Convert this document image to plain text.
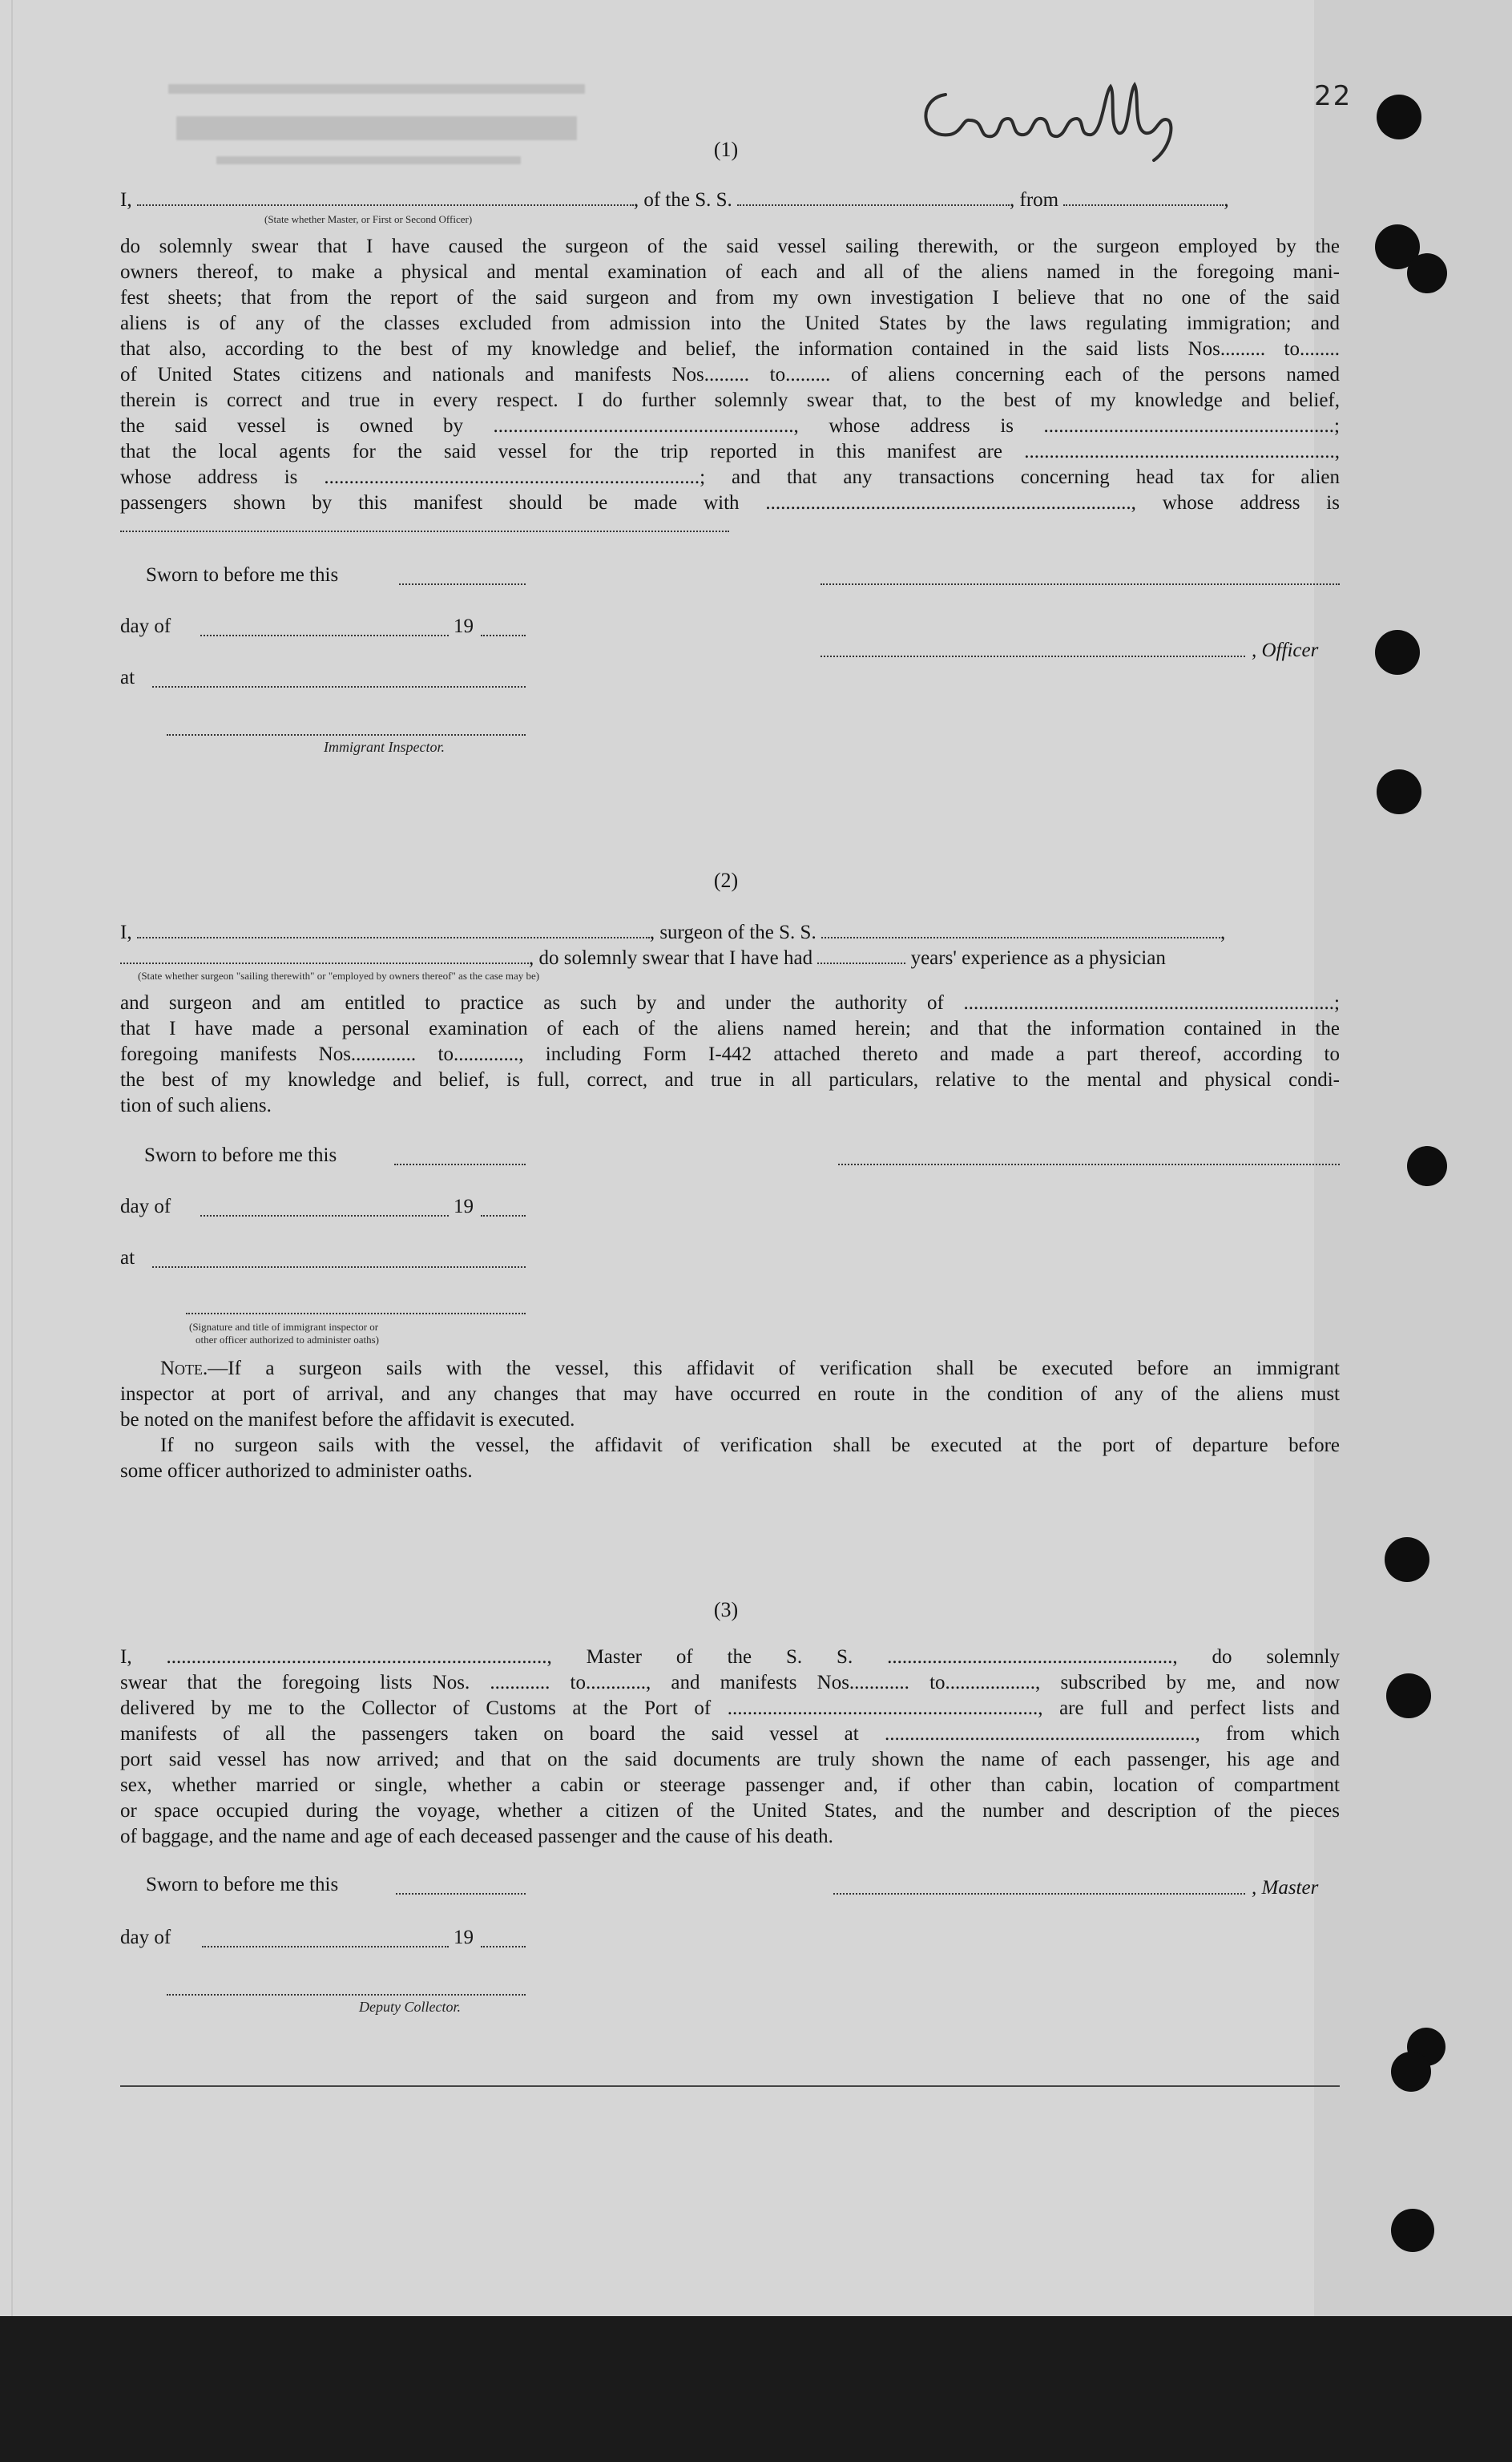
22
(1)
I,	, of the S. S.	, from	,
(State whether Master, or First or Second Officer)
do solemnly swear that I have caused the surgeon of the said vessel sailing therewith, or the surgeon employed by the
owners thereof, to make a physical and mental examination of each and all of the aliens named in the foregoing mani-
fest sheets; that from the report of the said surgeon and from my own investigation I believe that no one of the said
aliens is of any of the classes excluded from admission into the United States by the laws regulating immigration; and
that also, according to the best of my knowledge and belief, the information contained in the said lists Nos......... to........
of United States citizens and nationals and manifests Nos......... to......... of aliens concerning each of the persons named
therein is correct and true in every respect. I do further solemnly swear that, to the best of my knowledge and belief,
the said vessel is owned by ............................................................, whose address is ..........................................................;
that the local agents for the said vessel for the trip reported in this manifest are ..............................................................,
whose address is ...........................................................................; and that any transactions concerning head tax for alien
passengers shown by this manifest should be made with ........................................................................., whose address is
Sworn to before me this
day of	19
, Officer
at
Immigrant Inspector.
(2)
I,	, surgeon of the S. S.	,
, do solemnly swear that I have had	years' experience as a physician
(State whether surgeon "sailing therewith" or "employed by owners thereof" as the case may be)
and surgeon and am entitled to practice as such by and under the authority of ..........................................................................;
that I have made a personal examination of each of the aliens named herein; and that the information contained in the
foregoing manifests Nos............. to............., including Form I-442 attached thereto and made a part thereof, according to
the best of my knowledge and belief, is full, correct, and true in all particulars, relative to the mental and physical condi-
tion of such aliens.
Sworn to before me this
day of	19
at
(Signature and title of immigrant inspector or
other officer authorized to administer oaths)
Note.—If a surgeon sails with the vessel, this affidavit of verification shall be executed before an immigrant
inspector at port of arrival, and any changes that may have occurred en route in the condition of any of the aliens must
be noted on the manifest before the affidavit is executed.
If no surgeon sails with the vessel, the affidavit of verification shall be executed at the port of departure before
some officer authorized to administer oaths.
(3)
I, ............................................................................, Master of the S. S. ........................................................., do solemnly
swear that the foregoing lists Nos. ............ to............, and manifests Nos............ to.................., subscribed by me, and now
delivered by me to the Collector of Customs at the Port of .............................................................., are full and perfect lists and
manifests of all the passengers taken on board the said vessel at .............................................................., from which
port said vessel has now arrived; and that on the said documents are truly shown the name of each passenger, his age and
sex, whether married or single, whether a cabin or steerage passenger and, if other than cabin, location of compartment
or space occupied during the voyage, whether a citizen of the United States, and the number and description of the pieces
of baggage, and the name and age of each deceased passenger and the cause of his death.
Sworn to before me this	, Master
day of	19
Deputy Collector.
